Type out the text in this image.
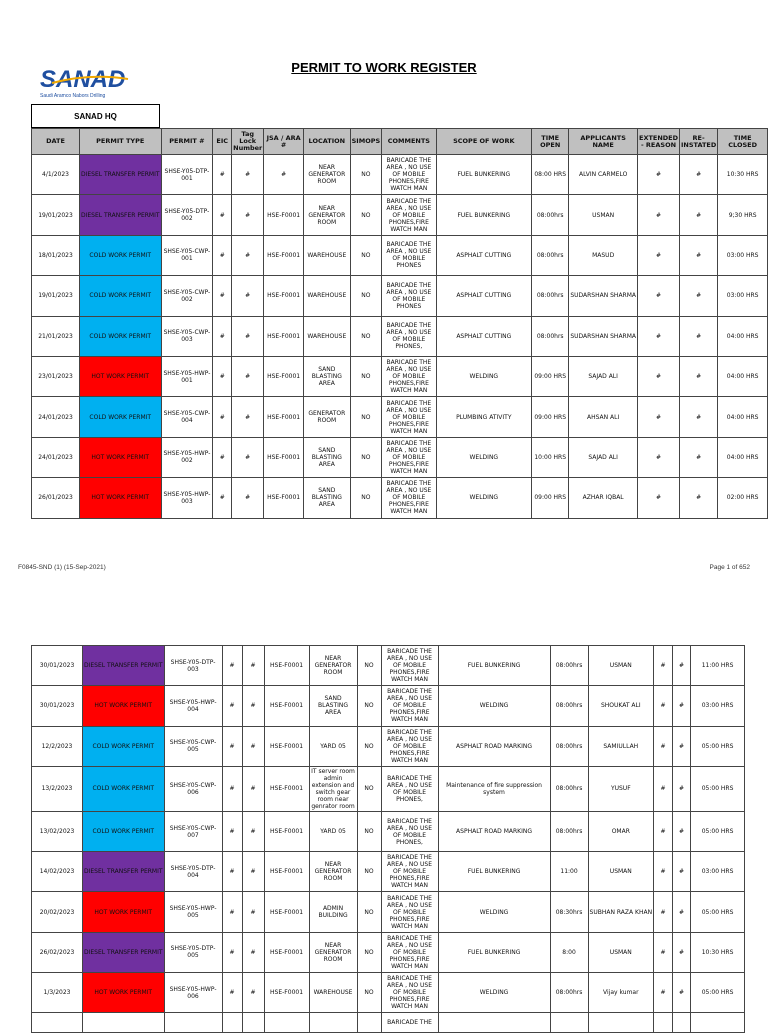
PERMIT TO WORK REGISTER
SANAD
Saudi Aramco Nabors Drilling
SANAD HQ
DATE	PERMIT TYPE	PERMIT #	EIC	Tag Lock Number	JSA / ARA #	LOCATION	SIMOPS	COMMENTS	SCOPE OF WORK	TIME OPEN	APPLICANTS NAME	EXTENDED - REASON	RE-INSTATED	TIME CLOSED
4/1/2023	DIESEL TRANSFER PERMIT	SHSE-Y05-DTP-001	#	#	#	NEAR GENERATOR ROOM	NO	BARICADE THE AREA , NO USE OF MOBILE PHONES,FIRE WATCH MAN	FUEL BUNKERING	08:00 HRS	ALVIN CARMELO	#	#	10:30 HRS
19/01/2023	DIESEL TRANSFER PERMIT	SHSE-Y05-DTP-002	#	#	HSE-F0001	NEAR GENERATOR ROOM	NO	BARICADE THE AREA , NO USE OF MOBILE PHONES,FIRE WATCH MAN	FUEL BUNKERING	08:00hrs	USMAN	#	#	9;30 HRS
18/01/2023	COLD WORK PERMIT	SHSE-Y05-CWP-001	#	#	HSE-F0001	WAREHOUSE	NO	BARICADE THE AREA , NO USE OF MOBILE PHONES	ASPHALT CUTTING	08:00hrs	MASUD	#	#	03:00 HRS
19/01/2023	COLD WORK PERMIT	SHSE-Y05-CWP-002	#	#	HSE-F0001	WAREHOUSE	NO	BARICADE THE AREA , NO USE OF MOBILE PHONES	ASPHALT CUTTING	08:00hrs	SUDARSHAN SHARMA	#	#	03:00 HRS
21/01/2023	COLD WORK PERMIT	SHSE-Y05-CWP-003	#	#	HSE-F0001	WAREHOUSE	NO	BARICADE THE AREA , NO USE OF MOBILE PHONES,	ASPHALT CUTTING	08:00hrs	SUDARSHAN SHARMA	#	#	04:00 HRS
23/01/2023	HOT WORK PERMIT	SHSE-Y05-HWP-001	#	#	HSE-F0001	SAND BLASTING AREA	NO	BARICADE THE AREA , NO USE OF MOBILE PHONES,FIRE WATCH MAN	WELDING	09:00 HRS	SAJAD ALI	#	#	04:00 HRS
24/01/2023	COLD WORK PERMIT	SHSE-Y05-CWP-004	#	#	HSE-F0001	GENERATOR ROOM	NO	BARICADE THE AREA , NO USE OF MOBILE PHONES,FIRE WATCH MAN	PLUMBING ATIVITY	09:00 HRS	AHSAN ALI	#	#	04:00 HRS
24/01/2023	HOT WORK PERMIT	SHSE-Y05-HWP-002	#	#	HSE-F0001	SAND BLASTING AREA	NO	BARICADE THE AREA , NO USE OF MOBILE PHONES,FIRE WATCH MAN	WELDING	10:00 HRS	SAJAD ALI	#	#	04:00 HRS
26/01/2023	HOT WORK PERMIT	SHSE-Y05-HWP-003	#	#	HSE-F0001	SAND BLASTING AREA	NO	BARICADE THE AREA , NO USE OF MOBILE PHONES,FIRE WATCH MAN	WELDING	09:00 HRS	AZHAR IQBAL	#	#	02:00 HRS
F0845-SND (1) (15-Sep-2021)	Page 1 of 652
30/01/2023	DIESEL TRANSFER PERMIT	SHSE-Y05-DTP-003	#	#	HSE-F0001	NEAR GENERATOR ROOM	NO	BARICADE THE AREA , NO USE OF MOBILE PHONES,FIRE WATCH MAN	FUEL BUNKERING	08:00hrs	USMAN	#	#	11:00 HRS
30/01/2023	HOT WORK PERMIT	SHSE-Y05-HWP-004	#	#	HSE-F0001	SAND BLASTING AREA	NO	BARICADE THE AREA , NO USE OF MOBILE PHONES,FIRE WATCH MAN	WELDING	08:00hrs	SHOUKAT ALI	#	#	03:00 HRS
12/2/2023	COLD WORK PERMIT	SHSE-Y05-CWP-005	#	#	HSE-F0001	YARD 05	NO	BARICADE THE AREA , NO USE OF MOBILE PHONES,FIRE WATCH MAN	ASPHALT ROAD MARKING	08:00hrs	SAMIULLAH	#	#	05:00 HRS
13/2/2023	COLD WORK PERMIT	SHSE-Y05-CWP-006	#	#	HSE-F0001	IT server room admin extension and switch gear room near genrator room	NO	BARICADE THE AREA , NO USE OF MOBILE PHONES,	Maintenance of fire suppression system	08:00hrs	YUSUF	#	#	05:00 HRS
13/02/2023	COLD WORK PERMIT	SHSE-Y05-CWP-007	#	#	HSE-F0001	YARD 05	NO	BARICADE THE AREA , NO USE OF MOBILE PHONES,	ASPHALT ROAD MARKING	08:00hrs	OMAR	#	#	05:00 HRS
14/02/2023	DIESEL TRANSFER PERMIT	SHSE-Y05-DTP-004	#	#	HSE-F0001	NEAR GENERATOR ROOM	NO	BARICADE THE AREA , NO USE OF MOBILE PHONES,FIRE WATCH MAN	FUEL BUNKERING	11:00	USMAN	#	#	03:00 HRS
20/02/2023	HOT WORK PERMIT	SHSE-Y05-HWP-005	#	#	HSE-F0001	ADMIN BUILDING	NO	BARICADE THE AREA , NO USE OF MOBILE PHONES,FIRE WATCH MAN	WELDING	08:30hrs	SUBHAN RAZA KHAN	#	#	05:00 HRS
26/02/2023	DIESEL TRANSFER PERMIT	SHSE-Y05-DTP-005	#	#	HSE-F0001	NEAR GENERATOR ROOM	NO	BARICADE THE AREA , NO USE OF MOBILE PHONES,FIRE WATCH MAN	FUEL BUNKERING	8:00	USMAN	#	#	10:30 HRS
1/3/2023	HOT WORK PERMIT	SHSE-Y05-HWP-006	#	#	HSE-F0001	WAREHOUSE	NO	BARICADE THE AREA , NO USE OF MOBILE PHONES,FIRE WATCH MAN	WELDING	08:00hrs	Vijay kumar	#	#	05:00 HRS
								BARICADE THE						
